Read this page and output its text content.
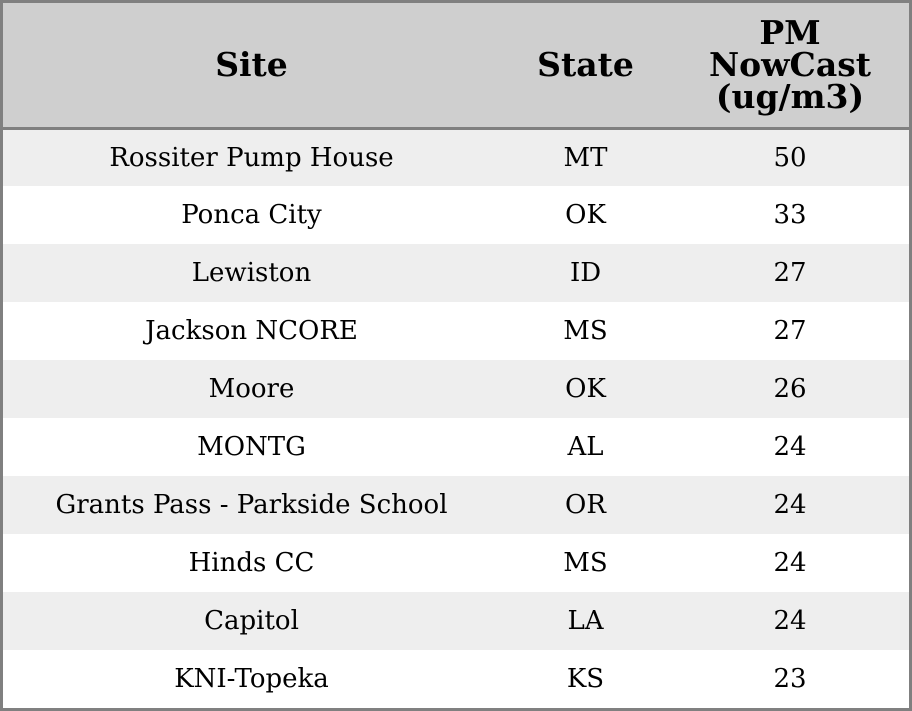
Site	State	PM
NowCast
(ug/m3)
Rossiter Pump House	MT	50
Ponca City	OK	33
Lewiston	ID	27
Jackson NCORE	MS	27
Moore	OK	26
MONTG	AL	24
Grants Pass - Parkside School	OR	24
Hinds CC	MS	24
Capitol	LA	24
KNI-Topeka	KS	23
